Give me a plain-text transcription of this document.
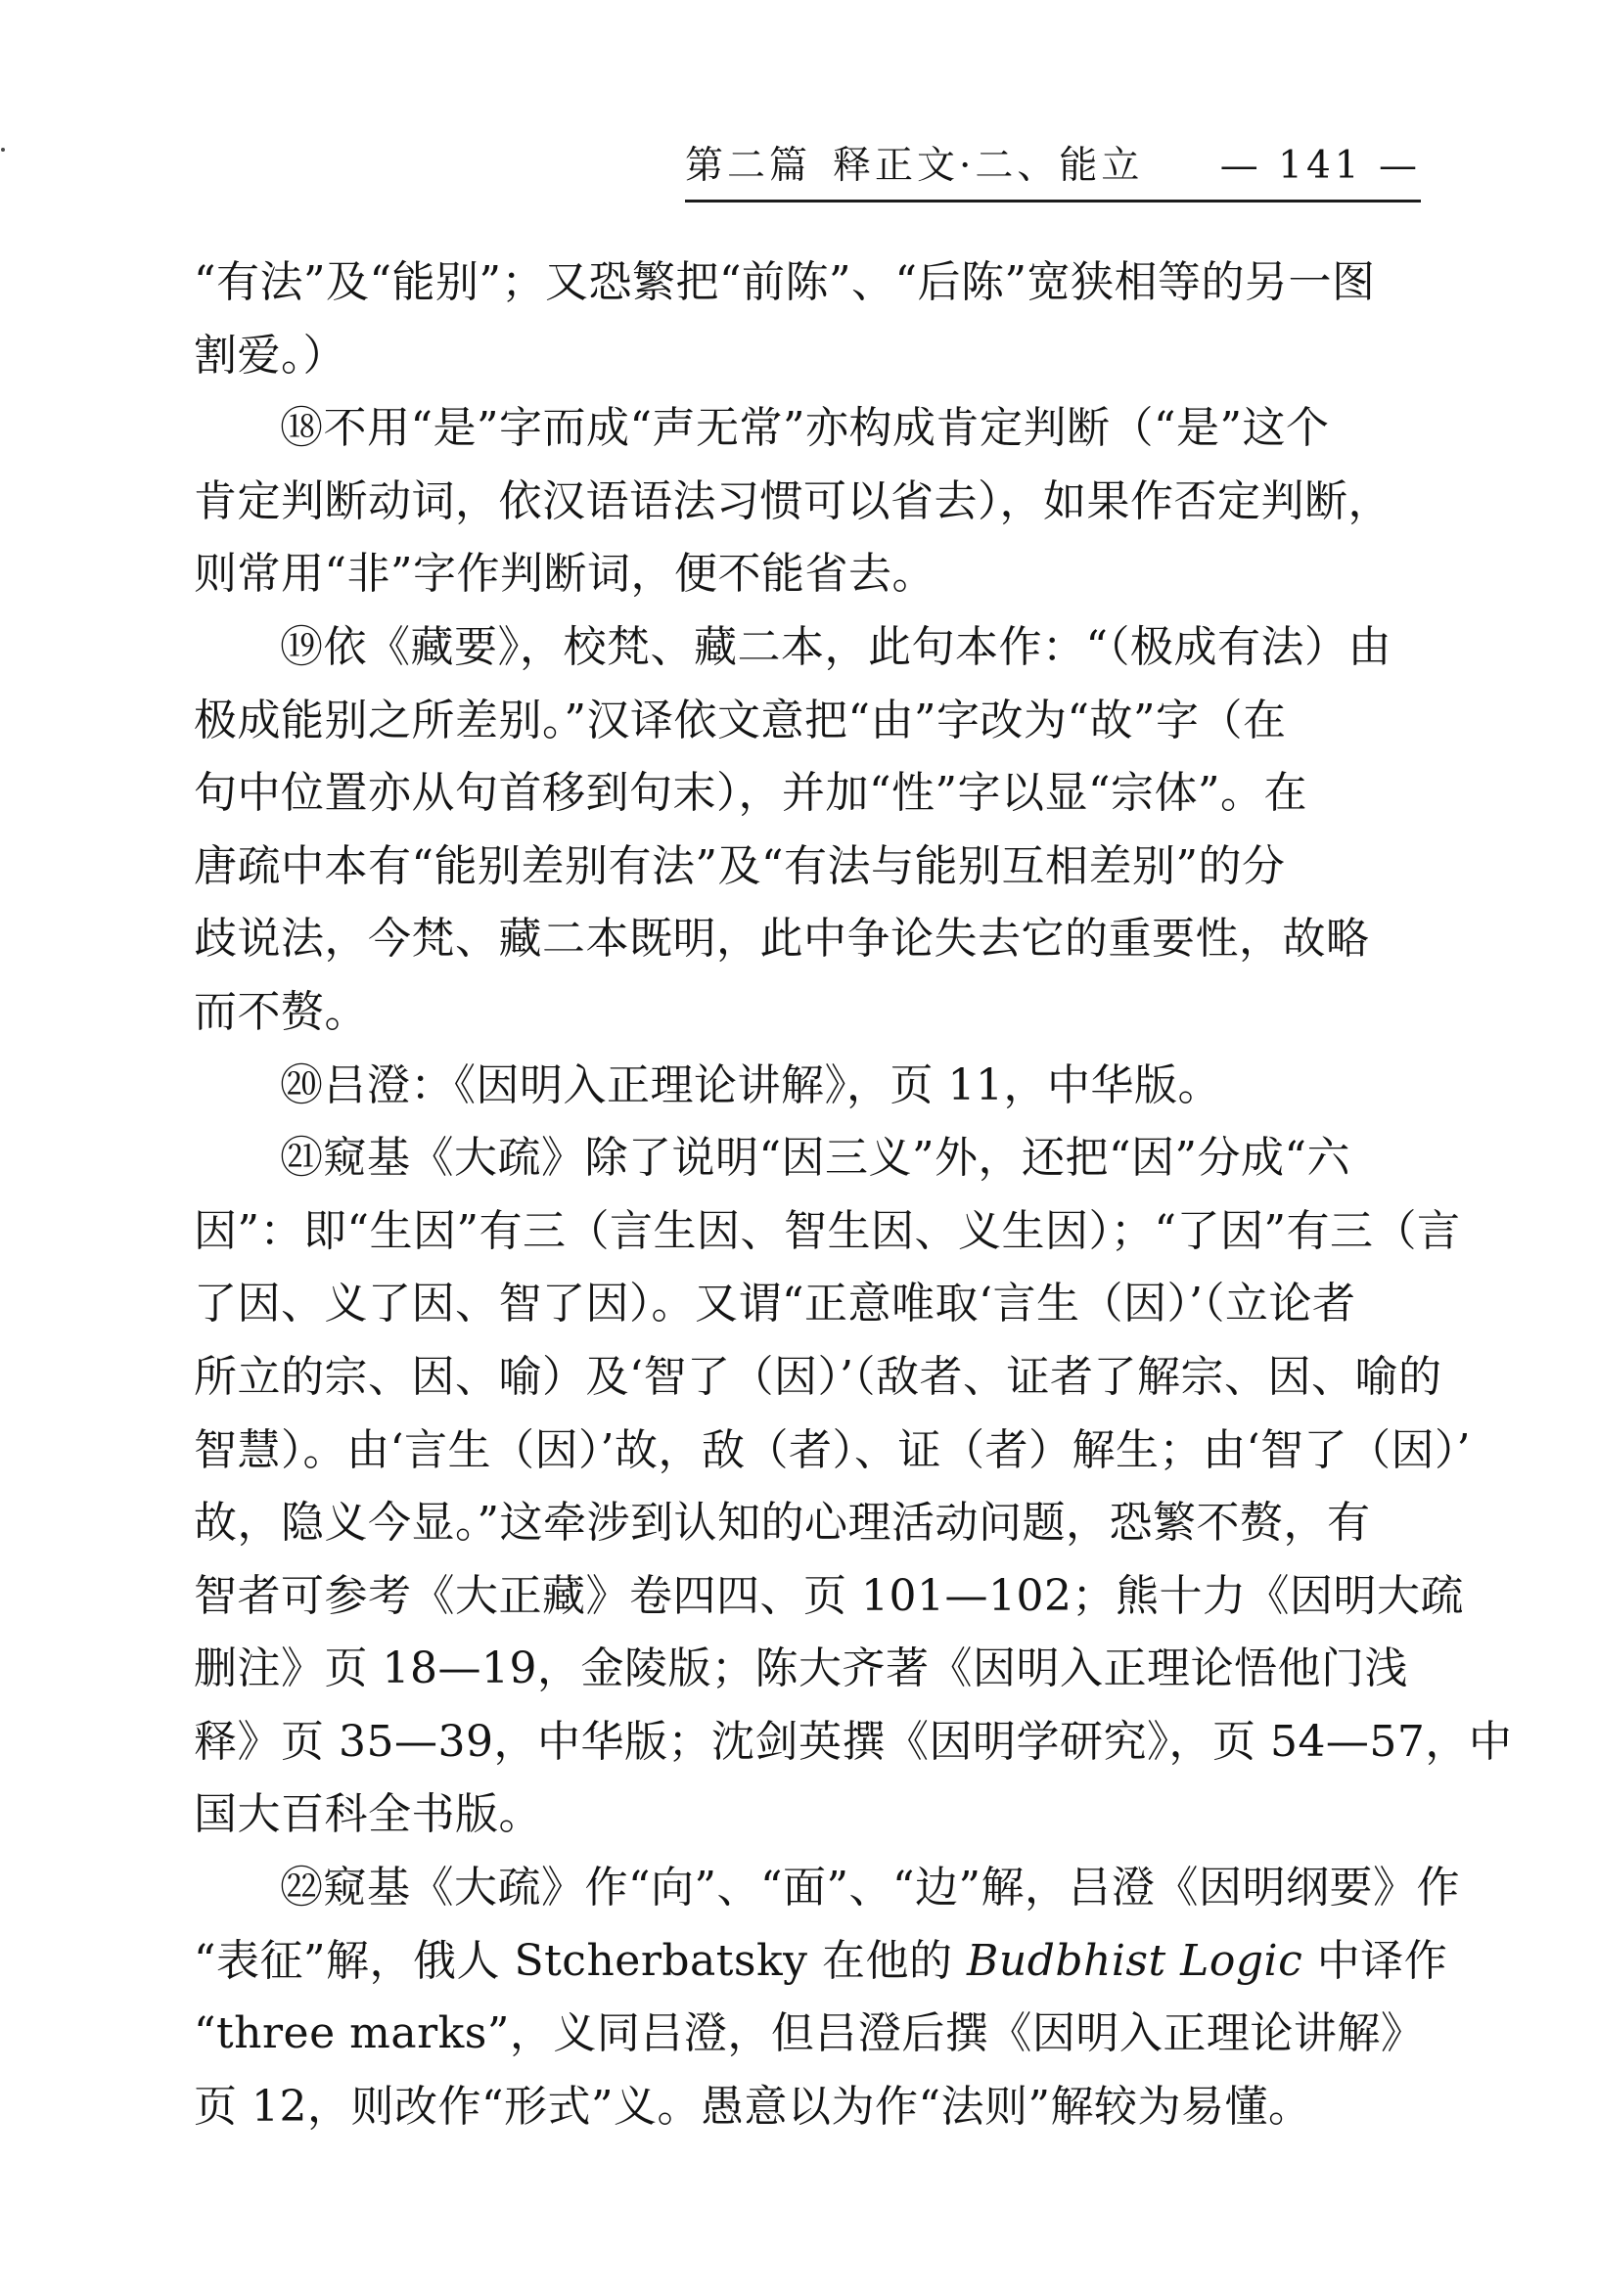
第二篇 释正文·二、能立 — 141 —
“有法”及“能别”；又恐繁把“前陈”、“后陈”宽狭相等的另一图
割爱。）
⑱不用“是”字而成“声无常”亦构成肯定判断（“是”这个
肯定判断动词，依汉语语法习惯可以省去），如果作否定判断，
则常用“非”字作判断词，便不能省去。
⑲依《藏要》，校梵、藏二本，此句本作：“（极成有法）由
极成能别之所差别。”汉译依文意把“由”字改为“故”字（在
句中位置亦从句首移到句末），并加“性”字以显“宗体”。在
唐疏中本有“能别差别有法”及“有法与能别互相差别”的分
歧说法，今梵、藏二本既明，此中争论失去它的重要性，故略
而不赘。
⑳吕澄：《因明入正理论讲解》，页 11，中华版。
㉑窥基《大疏》除了说明“因三义”外，还把“因”分成“六
因”：即“生因”有三（言生因、智生因、义生因）；“了因”有三（言
了因、义了因、智了因）。又谓“正意唯取‘言生（因）’（立论者
所立的宗、因、喻）及‘智了（因）’（敌者、证者了解宗、因、喻的
智慧）。由‘言生（因）’故，敌（者）、证（者）解生；由‘智了（因）’
故，隐义今显。”这牵涉到认知的心理活动问题，恐繁不赘，有
智者可参考《大正藏》卷四四、页 101—102；熊十力《因明大疏
删注》页 18—19，金陵版；陈大齐著《因明入正理论悟他门浅
释》页 35—39，中华版；沈剑英撰《因明学研究》，页 54—57，中
国大百科全书版。
㉒窥基《大疏》作“向”、“面”、“边”解，吕澄《因明纲要》作
“表征”解，俄人 Stcherbatsky 在他的 Budbhist Logic 中译作
“three marks”，义同吕澄，但吕澄后撰《因明入正理论讲解》
页 12，则改作“形式”义。愚意以为作“法则”解较为易懂。
